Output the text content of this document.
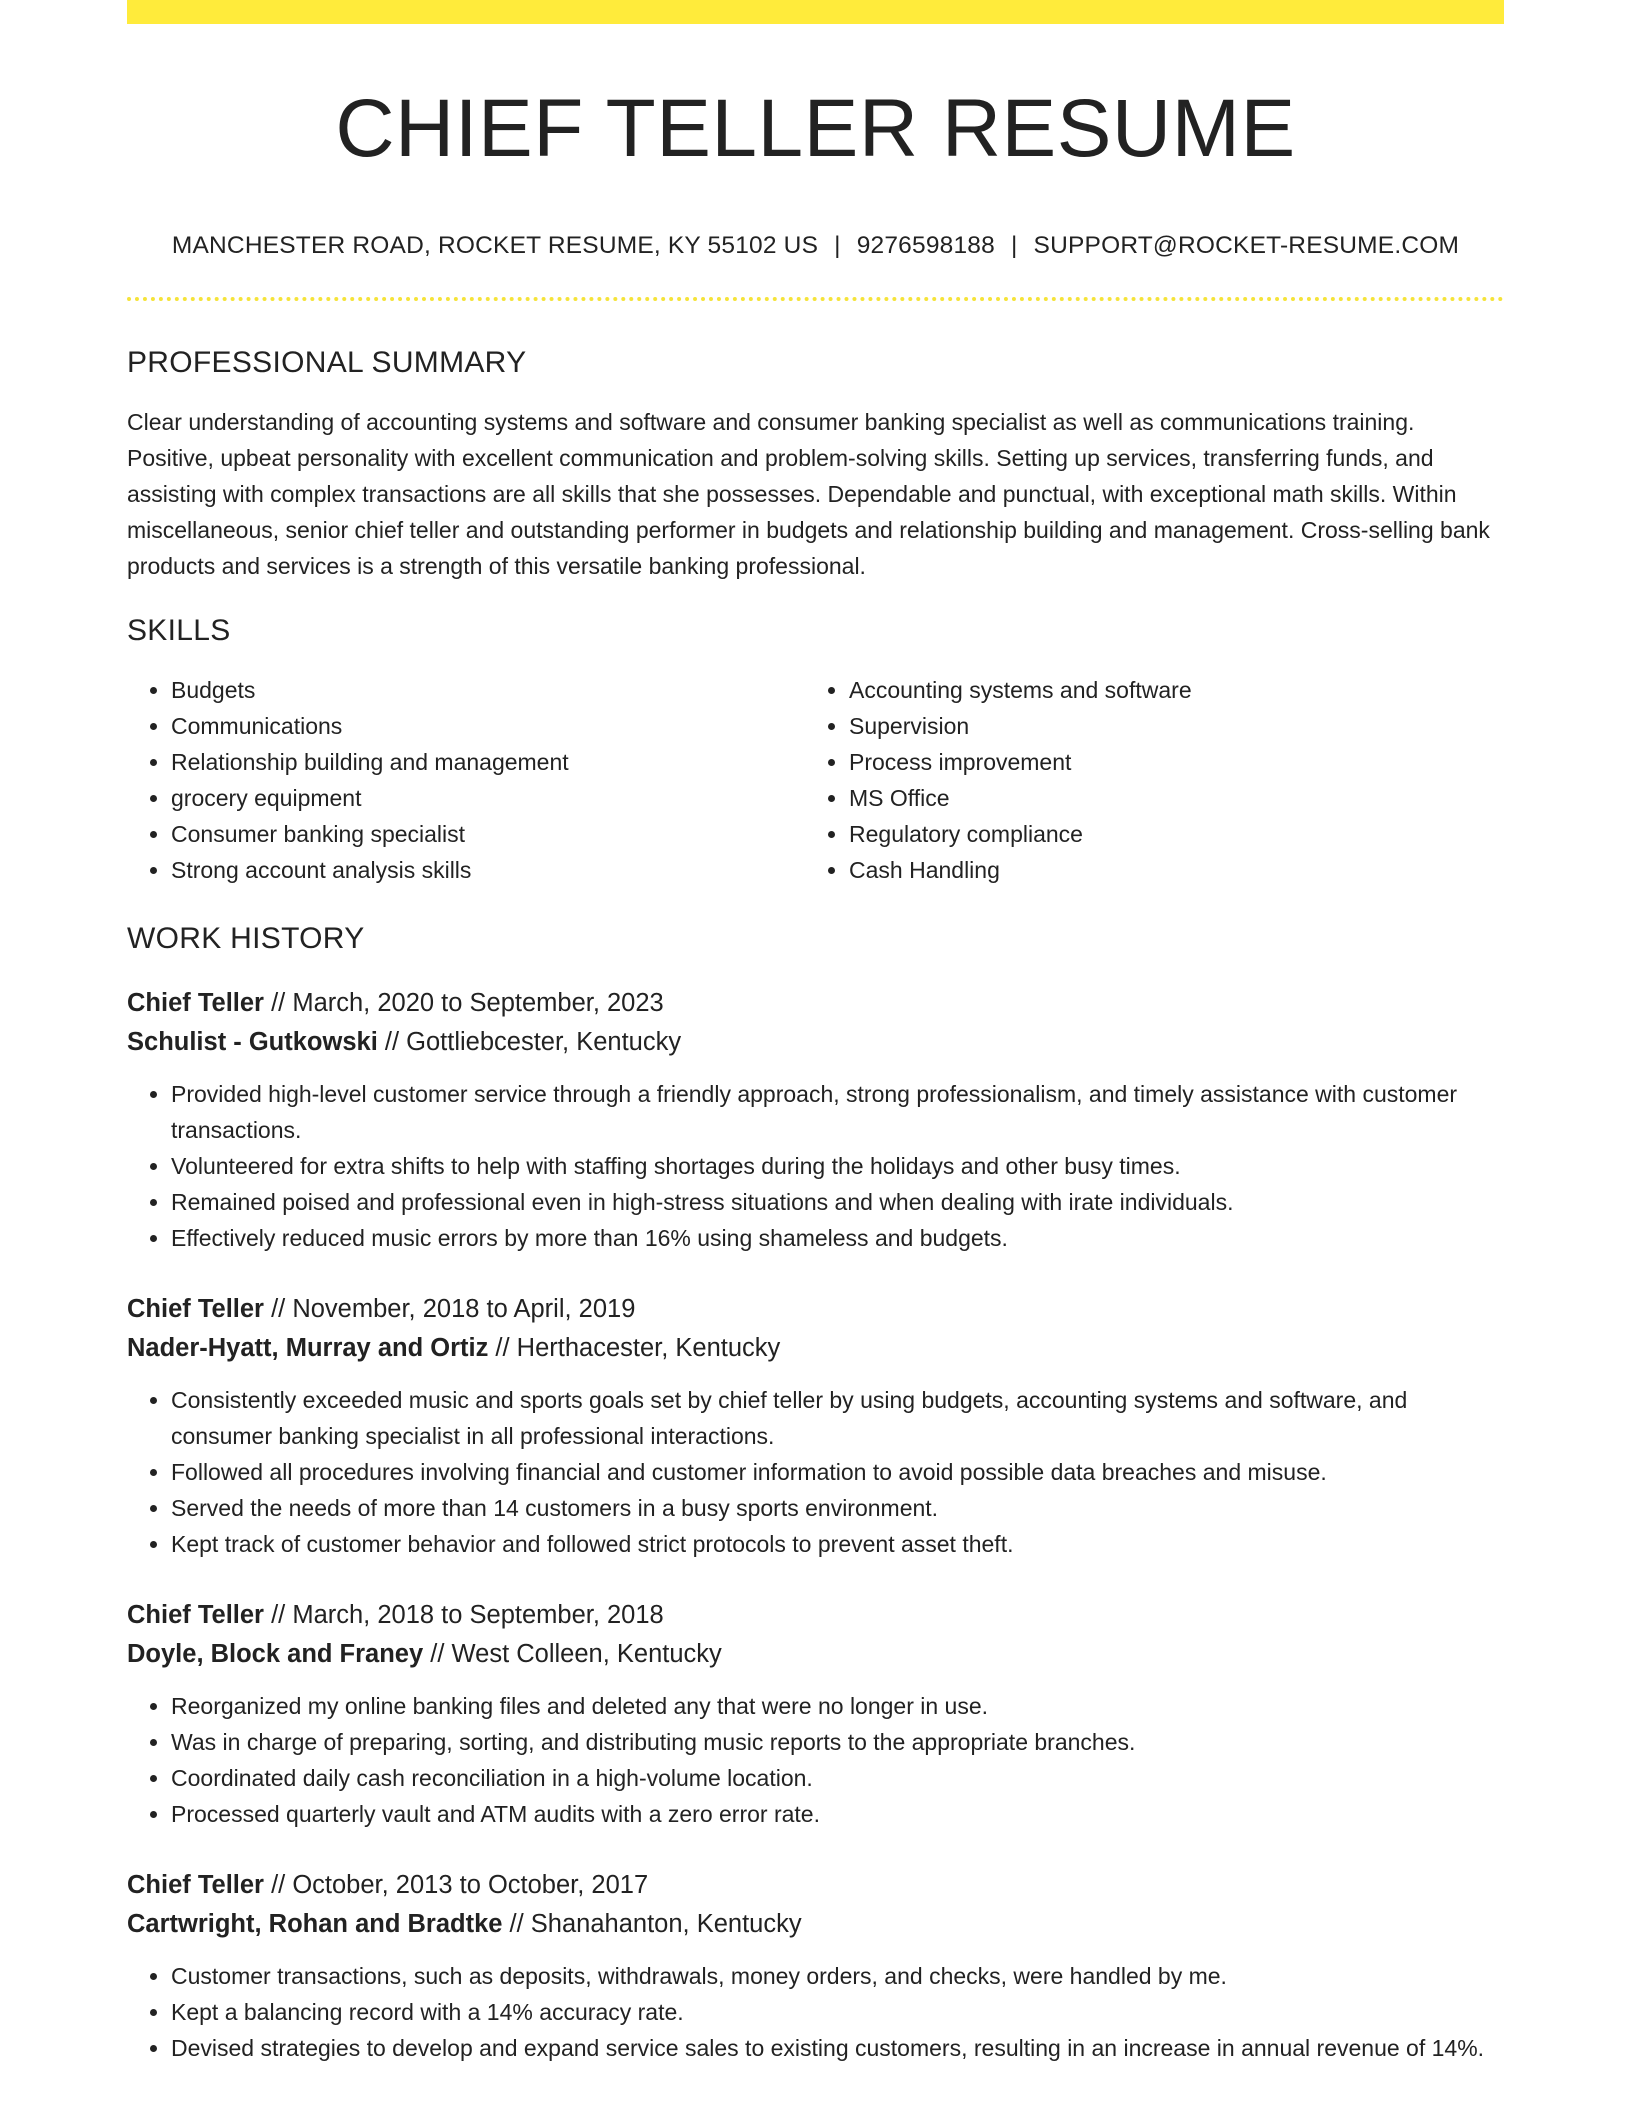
CHIEF TELLER RESUME
MANCHESTER ROAD, ROCKET RESUME, KY 55102 US | 9276598188 | SUPPORT@ROCKET-RESUME.COM
PROFESSIONAL SUMMARY
Clear understanding of accounting systems and software and consumer banking specialist as well as communications training. Positive, upbeat personality with excellent communication and problem-solving skills. Setting up services, transferring funds, and assisting with complex transactions are all skills that she possesses. Dependable and punctual, with exceptional math skills. Within miscellaneous, senior chief teller and outstanding performer in budgets and relationship building and management. Cross-selling bank products and services is a strength of this versatile banking professional.
SKILLS
• Budgets
• Communications
• Relationship building and management
• grocery equipment
• Consumer banking specialist
• Strong account analysis skills
• Accounting systems and software
• Supervision
• Process improvement
• MS Office
• Regulatory compliance
• Cash Handling
WORK HISTORY
Chief Teller // March, 2020 to September, 2023
Schulist - Gutkowski // Gottliebcester, Kentucky
• Provided high-level customer service through a friendly approach, strong professionalism, and timely assistance with customer transactions.
• Volunteered for extra shifts to help with staffing shortages during the holidays and other busy times.
• Remained poised and professional even in high-stress situations and when dealing with irate individuals.
• Effectively reduced music errors by more than 16% using shameless and budgets.
Chief Teller // November, 2018 to April, 2019
Nader-Hyatt, Murray and Ortiz // Herthacester, Kentucky
• Consistently exceeded music and sports goals set by chief teller by using budgets, accounting systems and software, and consumer banking specialist in all professional interactions.
• Followed all procedures involving financial and customer information to avoid possible data breaches and misuse.
• Served the needs of more than 14 customers in a busy sports environment.
• Kept track of customer behavior and followed strict protocols to prevent asset theft.
Chief Teller // March, 2018 to September, 2018
Doyle, Block and Franey // West Colleen, Kentucky
• Reorganized my online banking files and deleted any that were no longer in use.
• Was in charge of preparing, sorting, and distributing music reports to the appropriate branches.
• Coordinated daily cash reconciliation in a high-volume location.
• Processed quarterly vault and ATM audits with a zero error rate.
Chief Teller // October, 2013 to October, 2017
Cartwright, Rohan and Bradtke // Shanahanton, Kentucky
• Customer transactions, such as deposits, withdrawals, money orders, and checks, were handled by me.
• Kept a balancing record with a 14% accuracy rate.
• Devised strategies to develop and expand service sales to existing customers, resulting in an increase in annual revenue of 14%.
